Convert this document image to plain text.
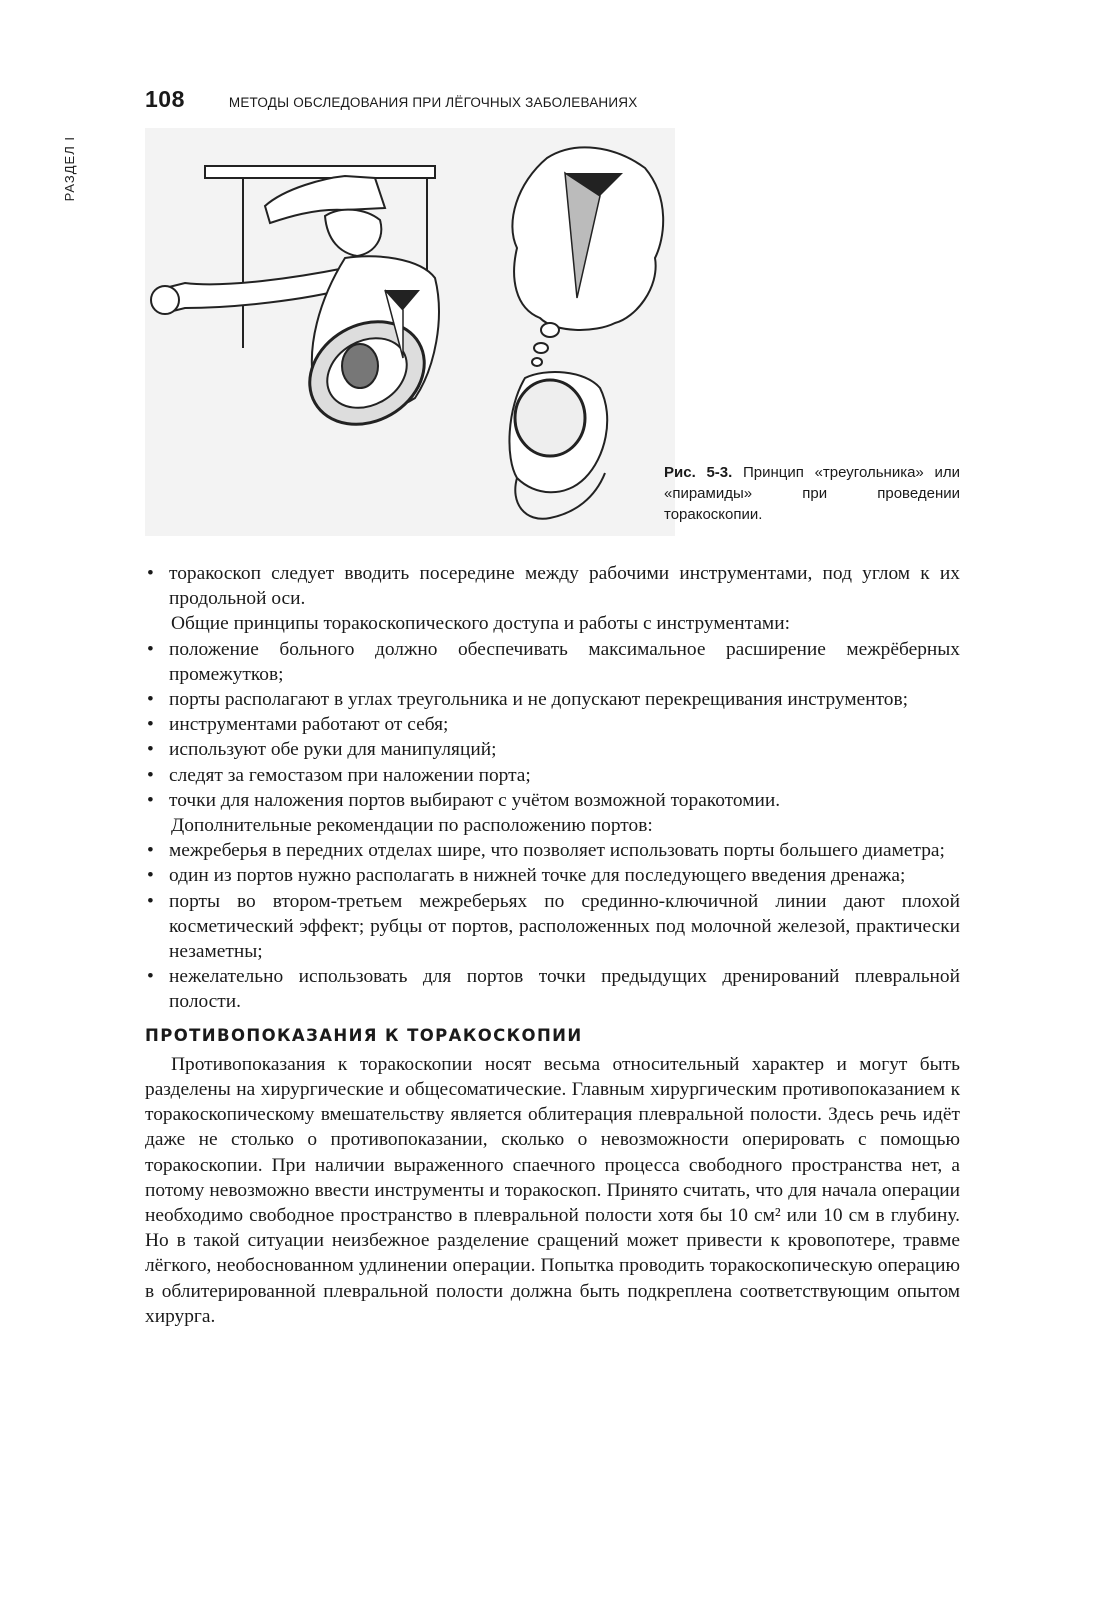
РАЗДЕЛ I
108	МЕТОДЫ ОБСЛЕДОВАНИЯ ПРИ ЛЁГОЧНЫХ ЗАБОЛЕВАНИЯХ
Рис. 5-3. Принцип «треугольника» или «пирамиды» при проведении торакоскопии.
• торакоскоп следует вводить посередине между рабочими инструментами, под углом к их продольной оси.

Общие принципы торакоскопического доступа и работы с инструментами:

• положение больного должно обеспечивать максимальное расширение межрёберных промежутков;
• порты располагают в углах треугольника и не допускают перекрещивания инструментов;
• инструментами работают от себя;
• используют обе руки для манипуляций;
• следят за гемостазом при наложении порта;
• точки для наложения портов выбирают с учётом возможной торакотомии.

Дополнительные рекомендации по расположению портов:

• межреберья в передних отделах шире, что позволяет использовать порты большего диаметра;
• один из портов нужно располагать в нижней точке для последующего введения дренажа;
• порты во втором-третьем межреберьях по срединно-ключичной линии дают плохой косметический эффект; рубцы от портов, расположенных под молочной железой, практически незаметны;
• нежелательно использовать для портов точки предыдущих дренирований плевральной полости.
ПРОТИВОПОКАЗАНИЯ К ТОРАКОСКОПИИ

Противопоказания к торакоскопии носят весьма относительный характер и могут быть разделены на хирургические и общесоматические. Главным хирургическим противопоказанием к торакоскопическому вмешательству является облитерация плевральной полости. Здесь речь идёт даже не столько о противопоказании, сколько о невозможности оперировать с помощью торакоскопии. При наличии выраженного спаечного процесса свободного пространства нет, а потому невозможно ввести инструменты и торакоскоп. Принято считать, что для начала операции необходимо свободное пространство в плевральной полости хотя бы 10 см² или 10 см в глубину. Но в такой ситуации неизбежное разделение сращений может привести к кровопотере, травме лёгкого, необоснованном удлинении операции. Попытка проводить торакоскопическую операцию в облитерированной плевральной полости должна быть подкреплена соответствующим опытом хирурга.
